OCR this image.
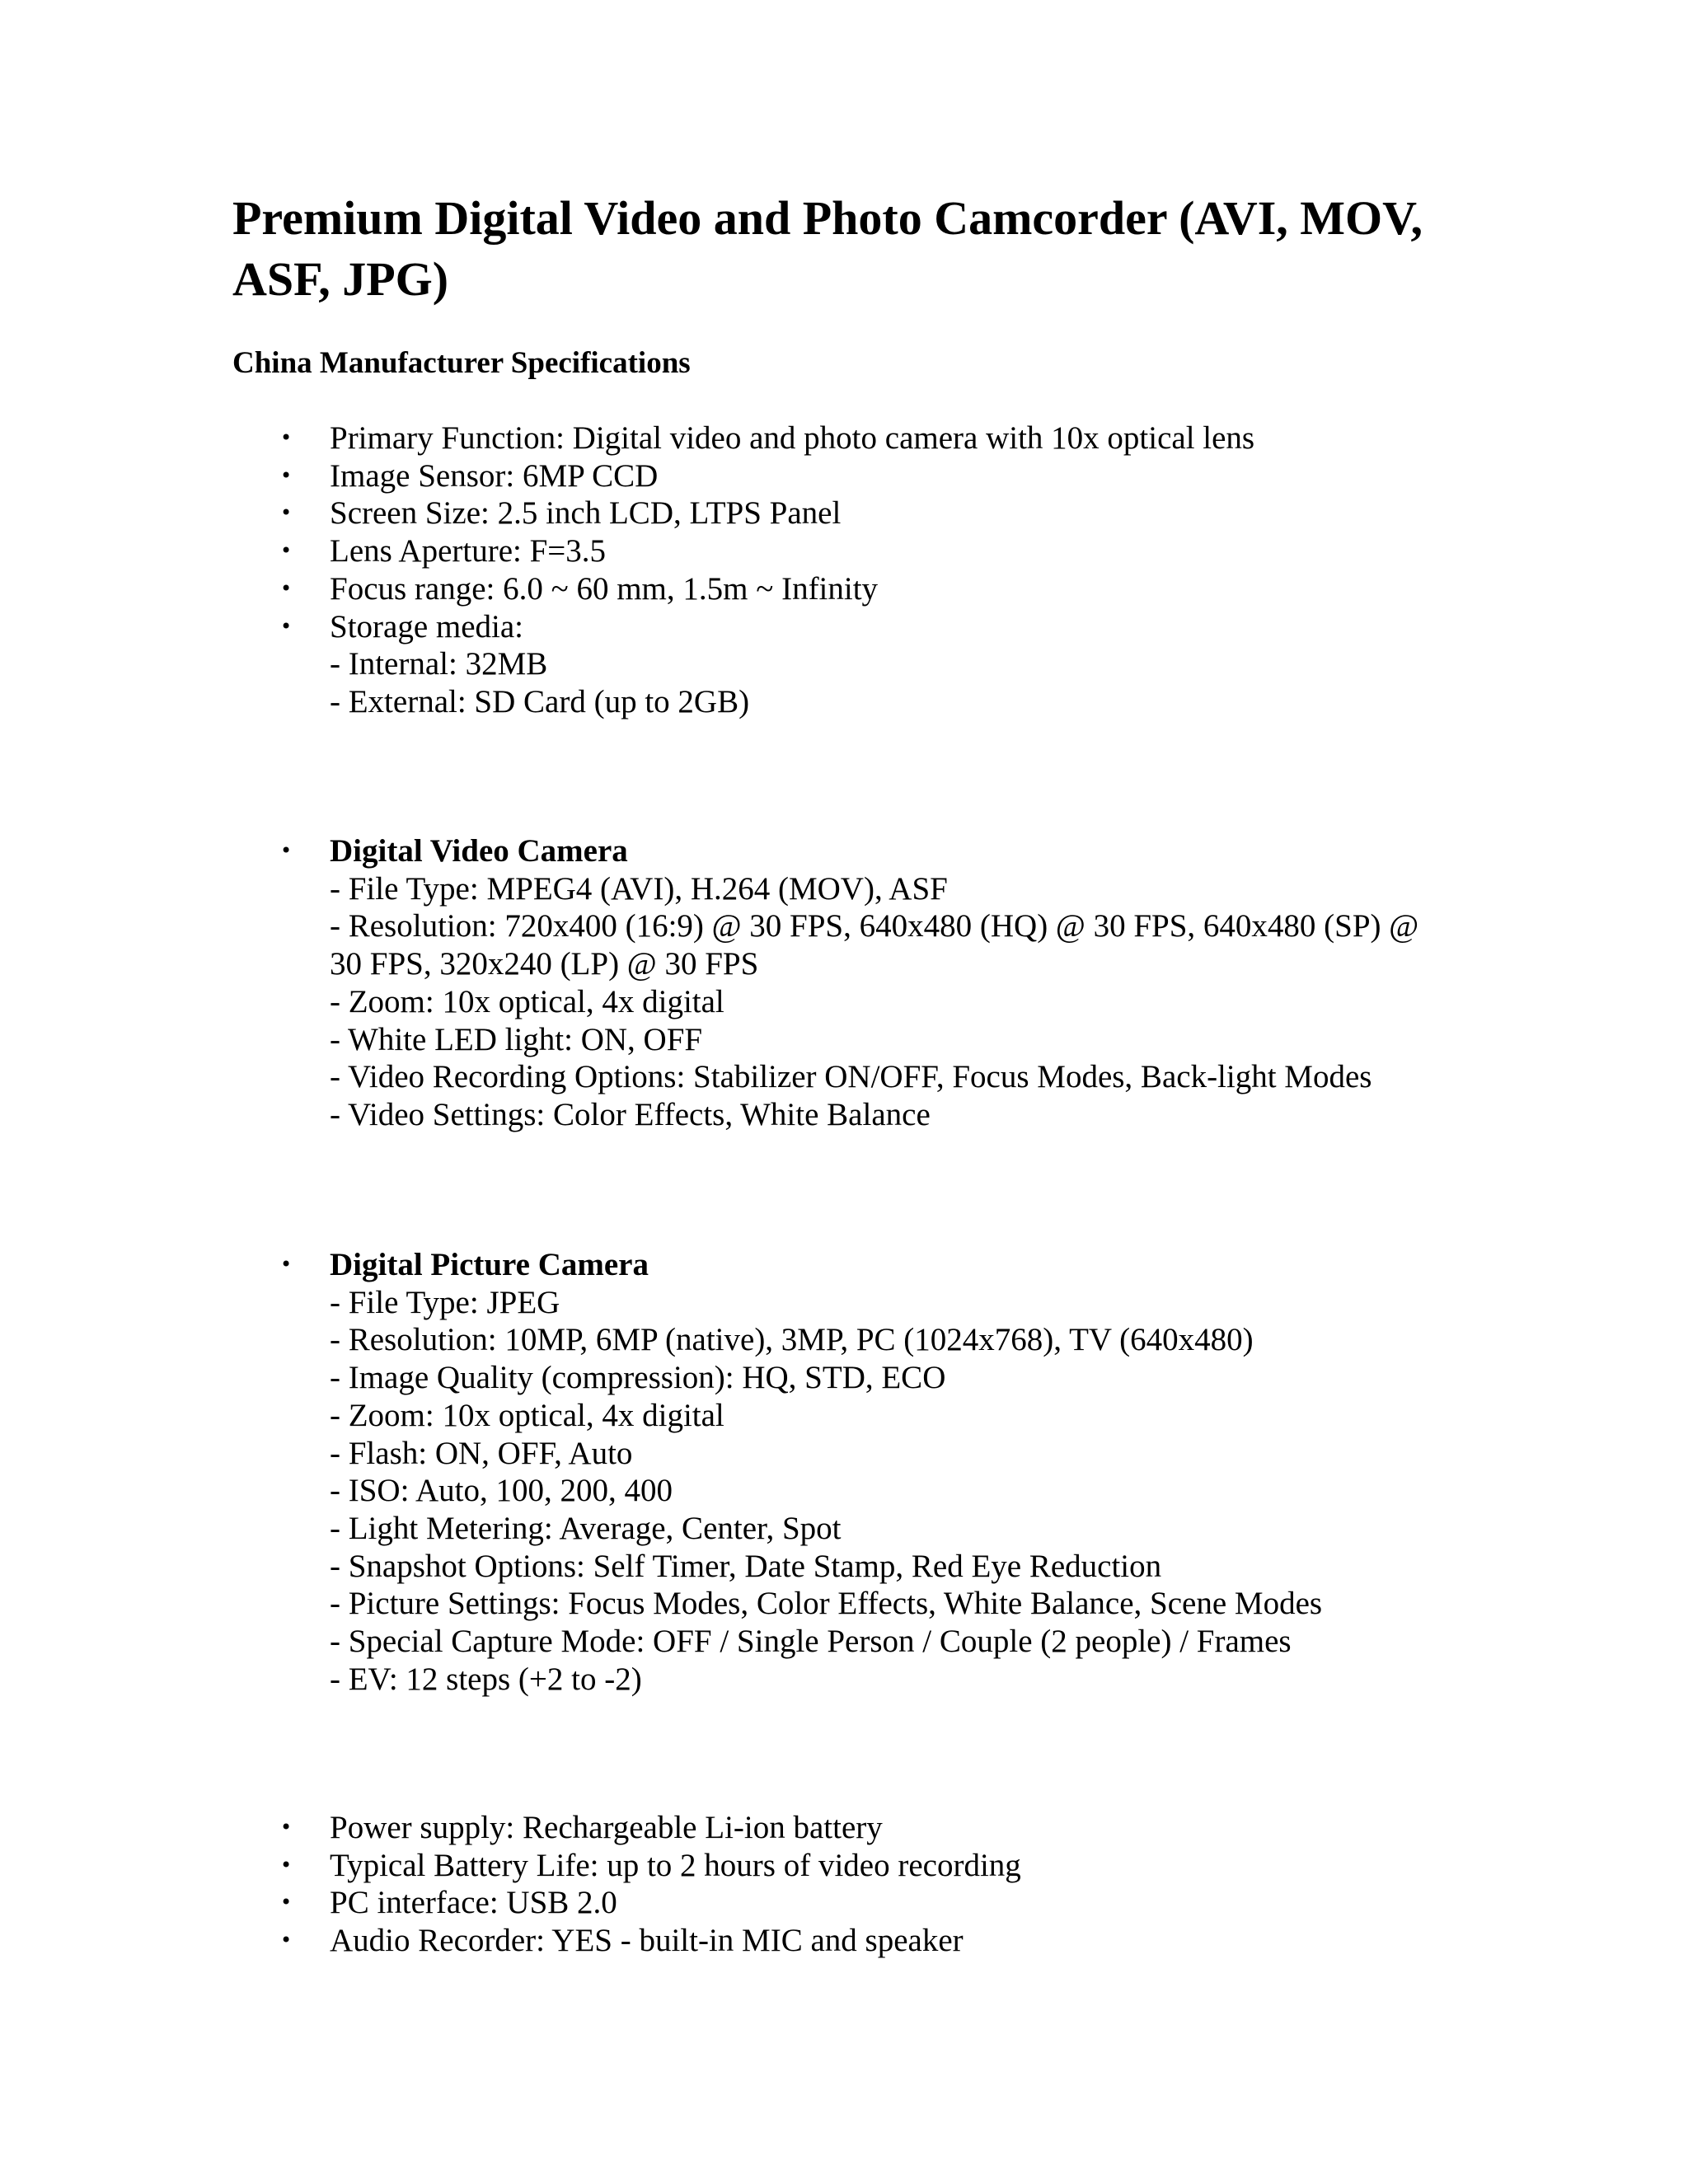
Premium Digital Video and Photo Camcorder (AVI, MOV, ASF, JPG)
China Manufacturer Specifications
• Primary Function: Digital video and photo camera with 10x optical lens
• Image Sensor: 6MP CCD
• Screen Size: 2.5 inch LCD, LTPS Panel
• Lens Aperture: F=3.5
• Focus range: 6.0 ~ 60 mm, 1.5m ~ Infinity
• Storage media:
- Internal: 32MB
- External: SD Card (up to 2GB)
• Digital Video Camera
- File Type: MPEG4 (AVI), H.264 (MOV), ASF
- Resolution: 720x400 (16:9) @ 30 FPS, 640x480 (HQ) @ 30 FPS, 640x480 (SP) @ 30 FPS, 320x240 (LP) @ 30 FPS
- Zoom: 10x optical, 4x digital
- White LED light: ON, OFF
- Video Recording Options: Stabilizer ON/OFF, Focus Modes, Back-light Modes
- Video Settings: Color Effects, White Balance
• Digital Picture Camera
- File Type: JPEG
- Resolution: 10MP, 6MP (native), 3MP, PC (1024x768), TV (640x480)
- Image Quality (compression): HQ, STD, ECO
- Zoom: 10x optical, 4x digital
- Flash: ON, OFF, Auto
- ISO: Auto, 100, 200, 400
- Light Metering: Average, Center, Spot
- Snapshot Options: Self Timer, Date Stamp, Red Eye Reduction
- Picture Settings: Focus Modes, Color Effects, White Balance, Scene Modes
- Special Capture Mode: OFF / Single Person / Couple (2 people) / Frames
- EV: 12 steps (+2 to -2)
• Power supply: Rechargeable Li-ion battery
• Typical Battery Life: up to 2 hours of video recording
• PC interface: USB 2.0
• Audio Recorder: YES - built-in MIC and speaker
